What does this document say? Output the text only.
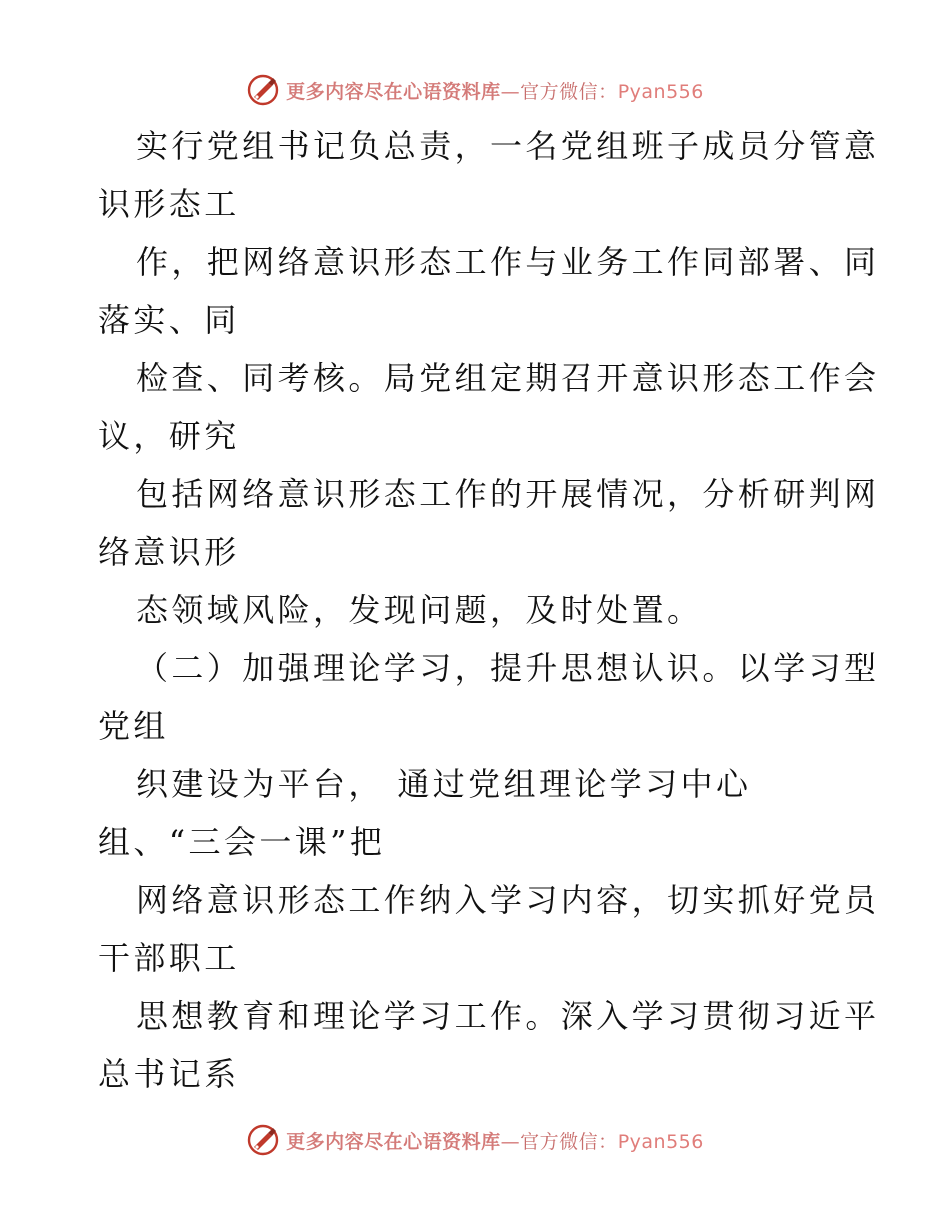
更多内容尽在心语资料库—官方微信：Pyan556
实行党组书记负总责，一名党组班子成员分管意
识形态工
作，把网络意识形态工作与业务工作同部署、同
落实、同
检查、同考核。局党组定期召开意识形态工作会
议，研究
包括网络意识形态工作的开展情况，分析研判网
络意识形
态领域风险，发现问题，及时处置。
（二）加强理论学习，提升思想认识。以学习型
党组
织建设为平台， 通过党组理论学习中心
组、“三会一课”把
网络意识形态工作纳入学习内容，切实抓好党员
干部职工
思想教育和理论学习工作。深入学习贯彻习近平
总书记系
更多内容尽在心语资料库—官方微信：Pyan556
